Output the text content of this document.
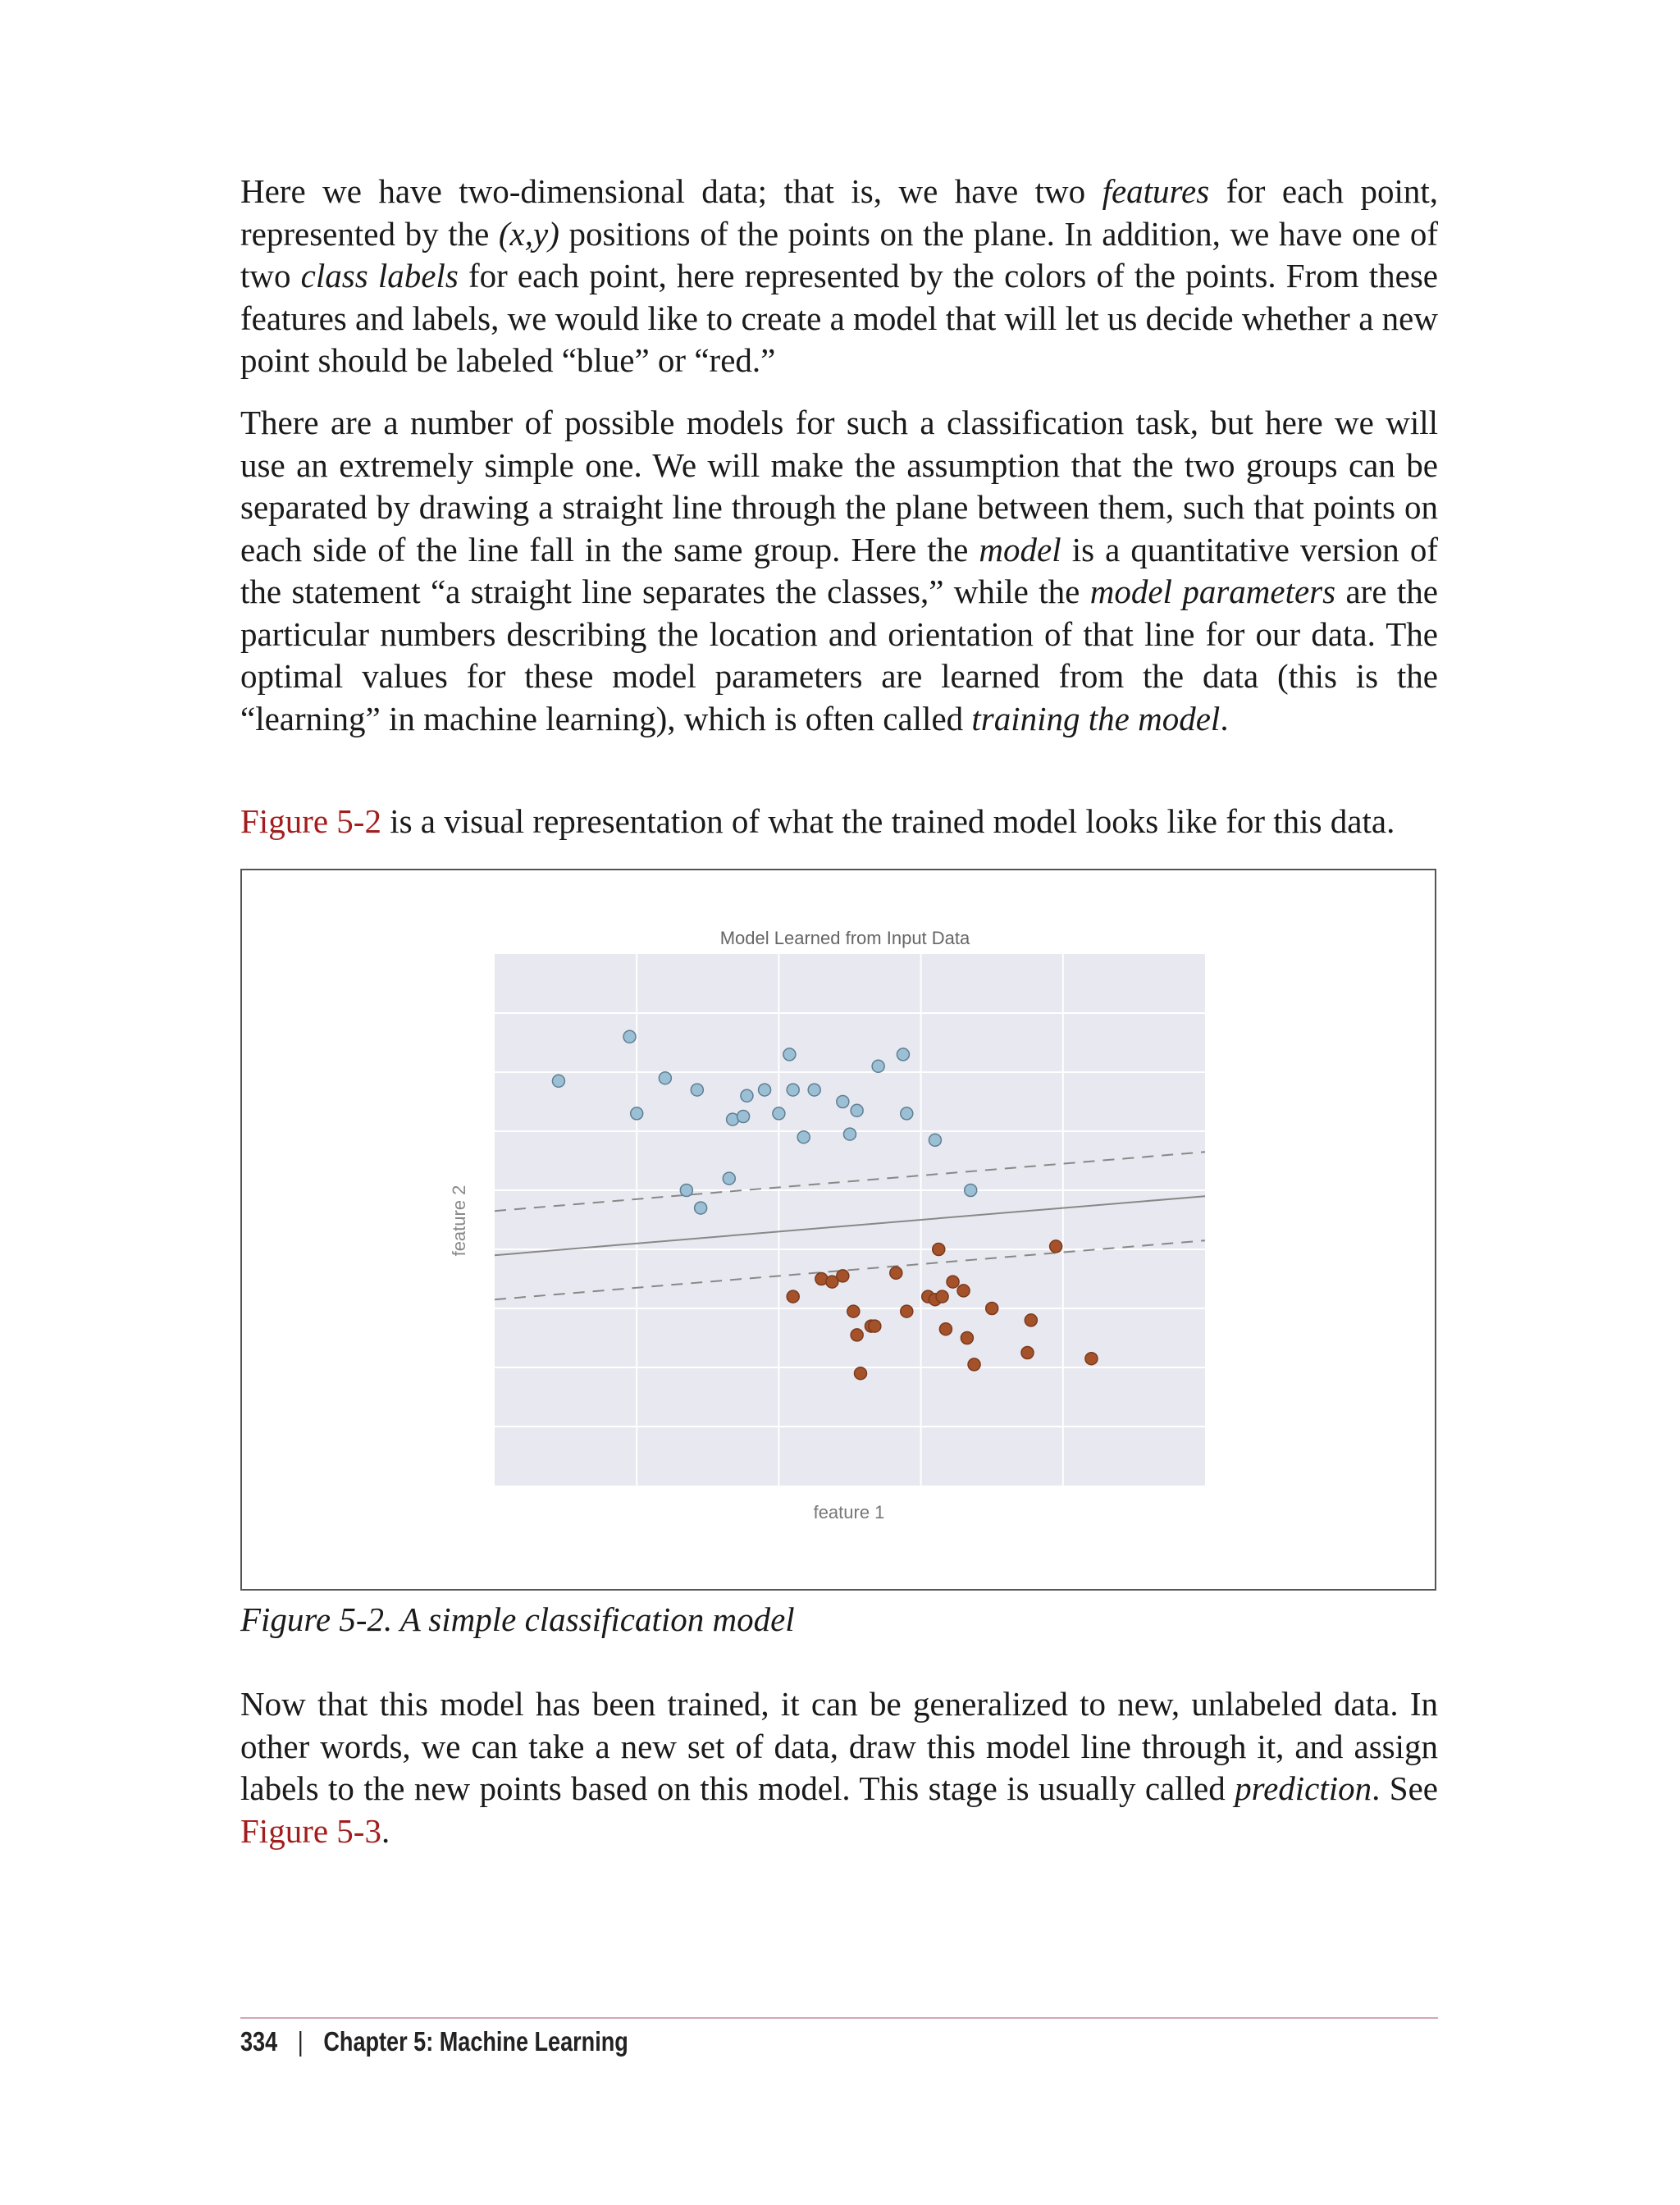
Here we have two-dimensional data; that is, we have two features for each point, represented by the (x,y) positions of the points on the plane. In addition, we have one of two class labels for each point, here represented by the colors of the points. From these features and labels, we would like to create a model that will let us decide whether a new point should be labeled “blue” or “red.”

There are a number of possible models for such a classification task, but here we will use an extremely simple one. We will make the assumption that the two groups can be separated by drawing a straight line through the plane between them, such that points on each side of the line fall in the same group. Here the model is a quantitative version of the statement “a straight line separates the classes,” while the model parameters are the particular numbers describing the location and orientation of that line for our data. The optimal values for these model parameters are learned from the data (this is the “learning” in machine learning), which is often called training the model.

Figure 5-2 is a visual representation of what the trained model looks like for this data.

Model Learned from Input Data
feature 1
feature 2
Figure 5-2. A simple classification model

Now that this model has been trained, it can be generalized to new, unlabeled data. In other words, we can take a new set of data, draw this model line through it, and assign labels to the new points based on this model. This stage is usually called prediction. See Figure 5-3.

334 | Chapter 5: Machine Learning
